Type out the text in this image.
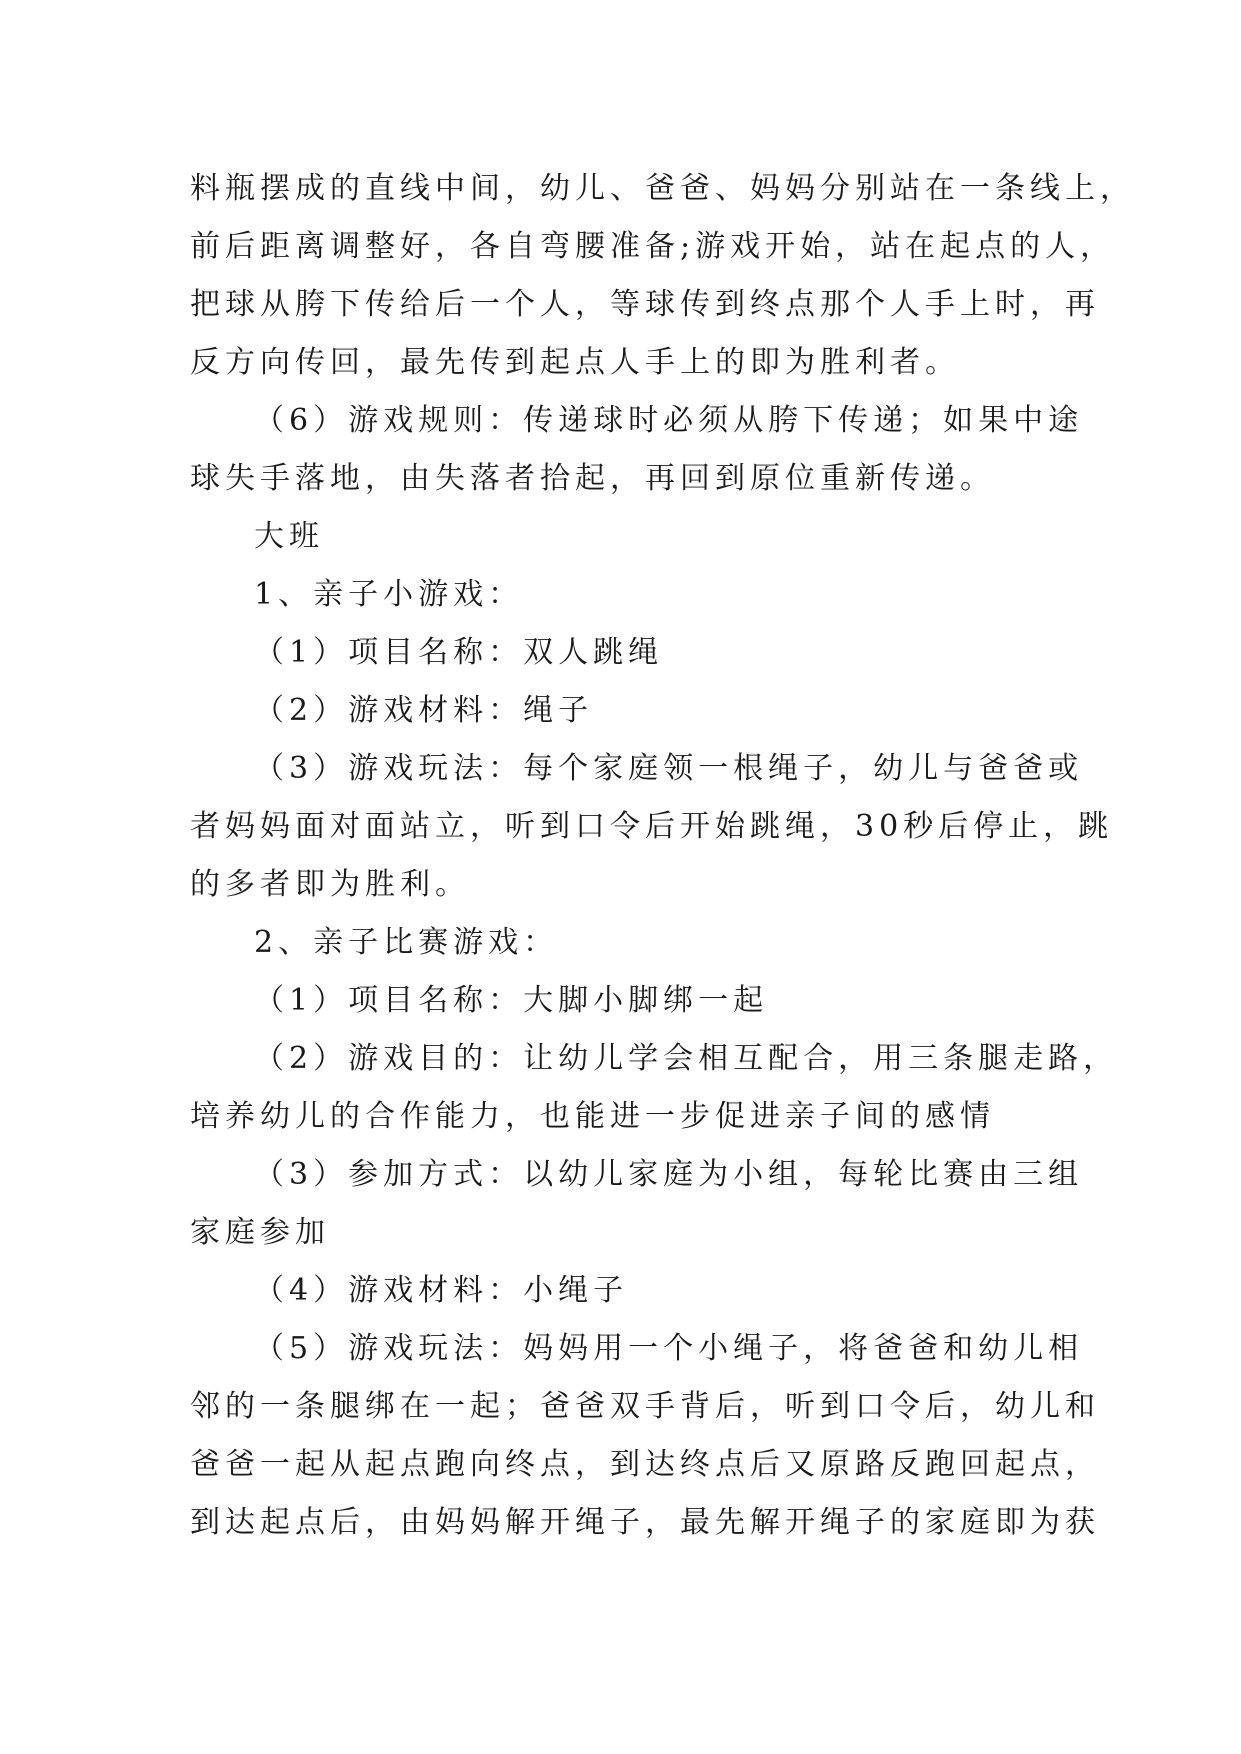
料瓶摆成的直线中间，幼儿、爸爸、妈妈分别站在一条线上，
前后距离调整好，各自弯腰准备;游戏开始，站在起点的人，
把球从胯下传给后一个人，等球传到终点那个人手上时，再
反方向传回，最先传到起点人手上的即为胜利者。
（6）游戏规则：传递球时必须从胯下传递；如果中途
球失手落地，由失落者拾起，再回到原位重新传递。
大班
1、亲子小游戏：
（1）项目名称：双人跳绳
（2）游戏材料：绳子
（3）游戏玩法：每个家庭领一根绳子，幼儿与爸爸或
者妈妈面对面站立，听到口令后开始跳绳，30秒后停止，跳
的多者即为胜利。
2、亲子比赛游戏：
（1）项目名称：大脚小脚绑一起
（2）游戏目的：让幼儿学会相互配合，用三条腿走路，
培养幼儿的合作能力，也能进一步促进亲子间的感情
（3）参加方式：以幼儿家庭为小组，每轮比赛由三组
家庭参加
（4）游戏材料：小绳子
（5）游戏玩法：妈妈用一个小绳子，将爸爸和幼儿相
邻的一条腿绑在一起；爸爸双手背后，听到口令后，幼儿和
爸爸一起从起点跑向终点，到达终点后又原路反跑回起点，
到达起点后，由妈妈解开绳子，最先解开绳子的家庭即为获
